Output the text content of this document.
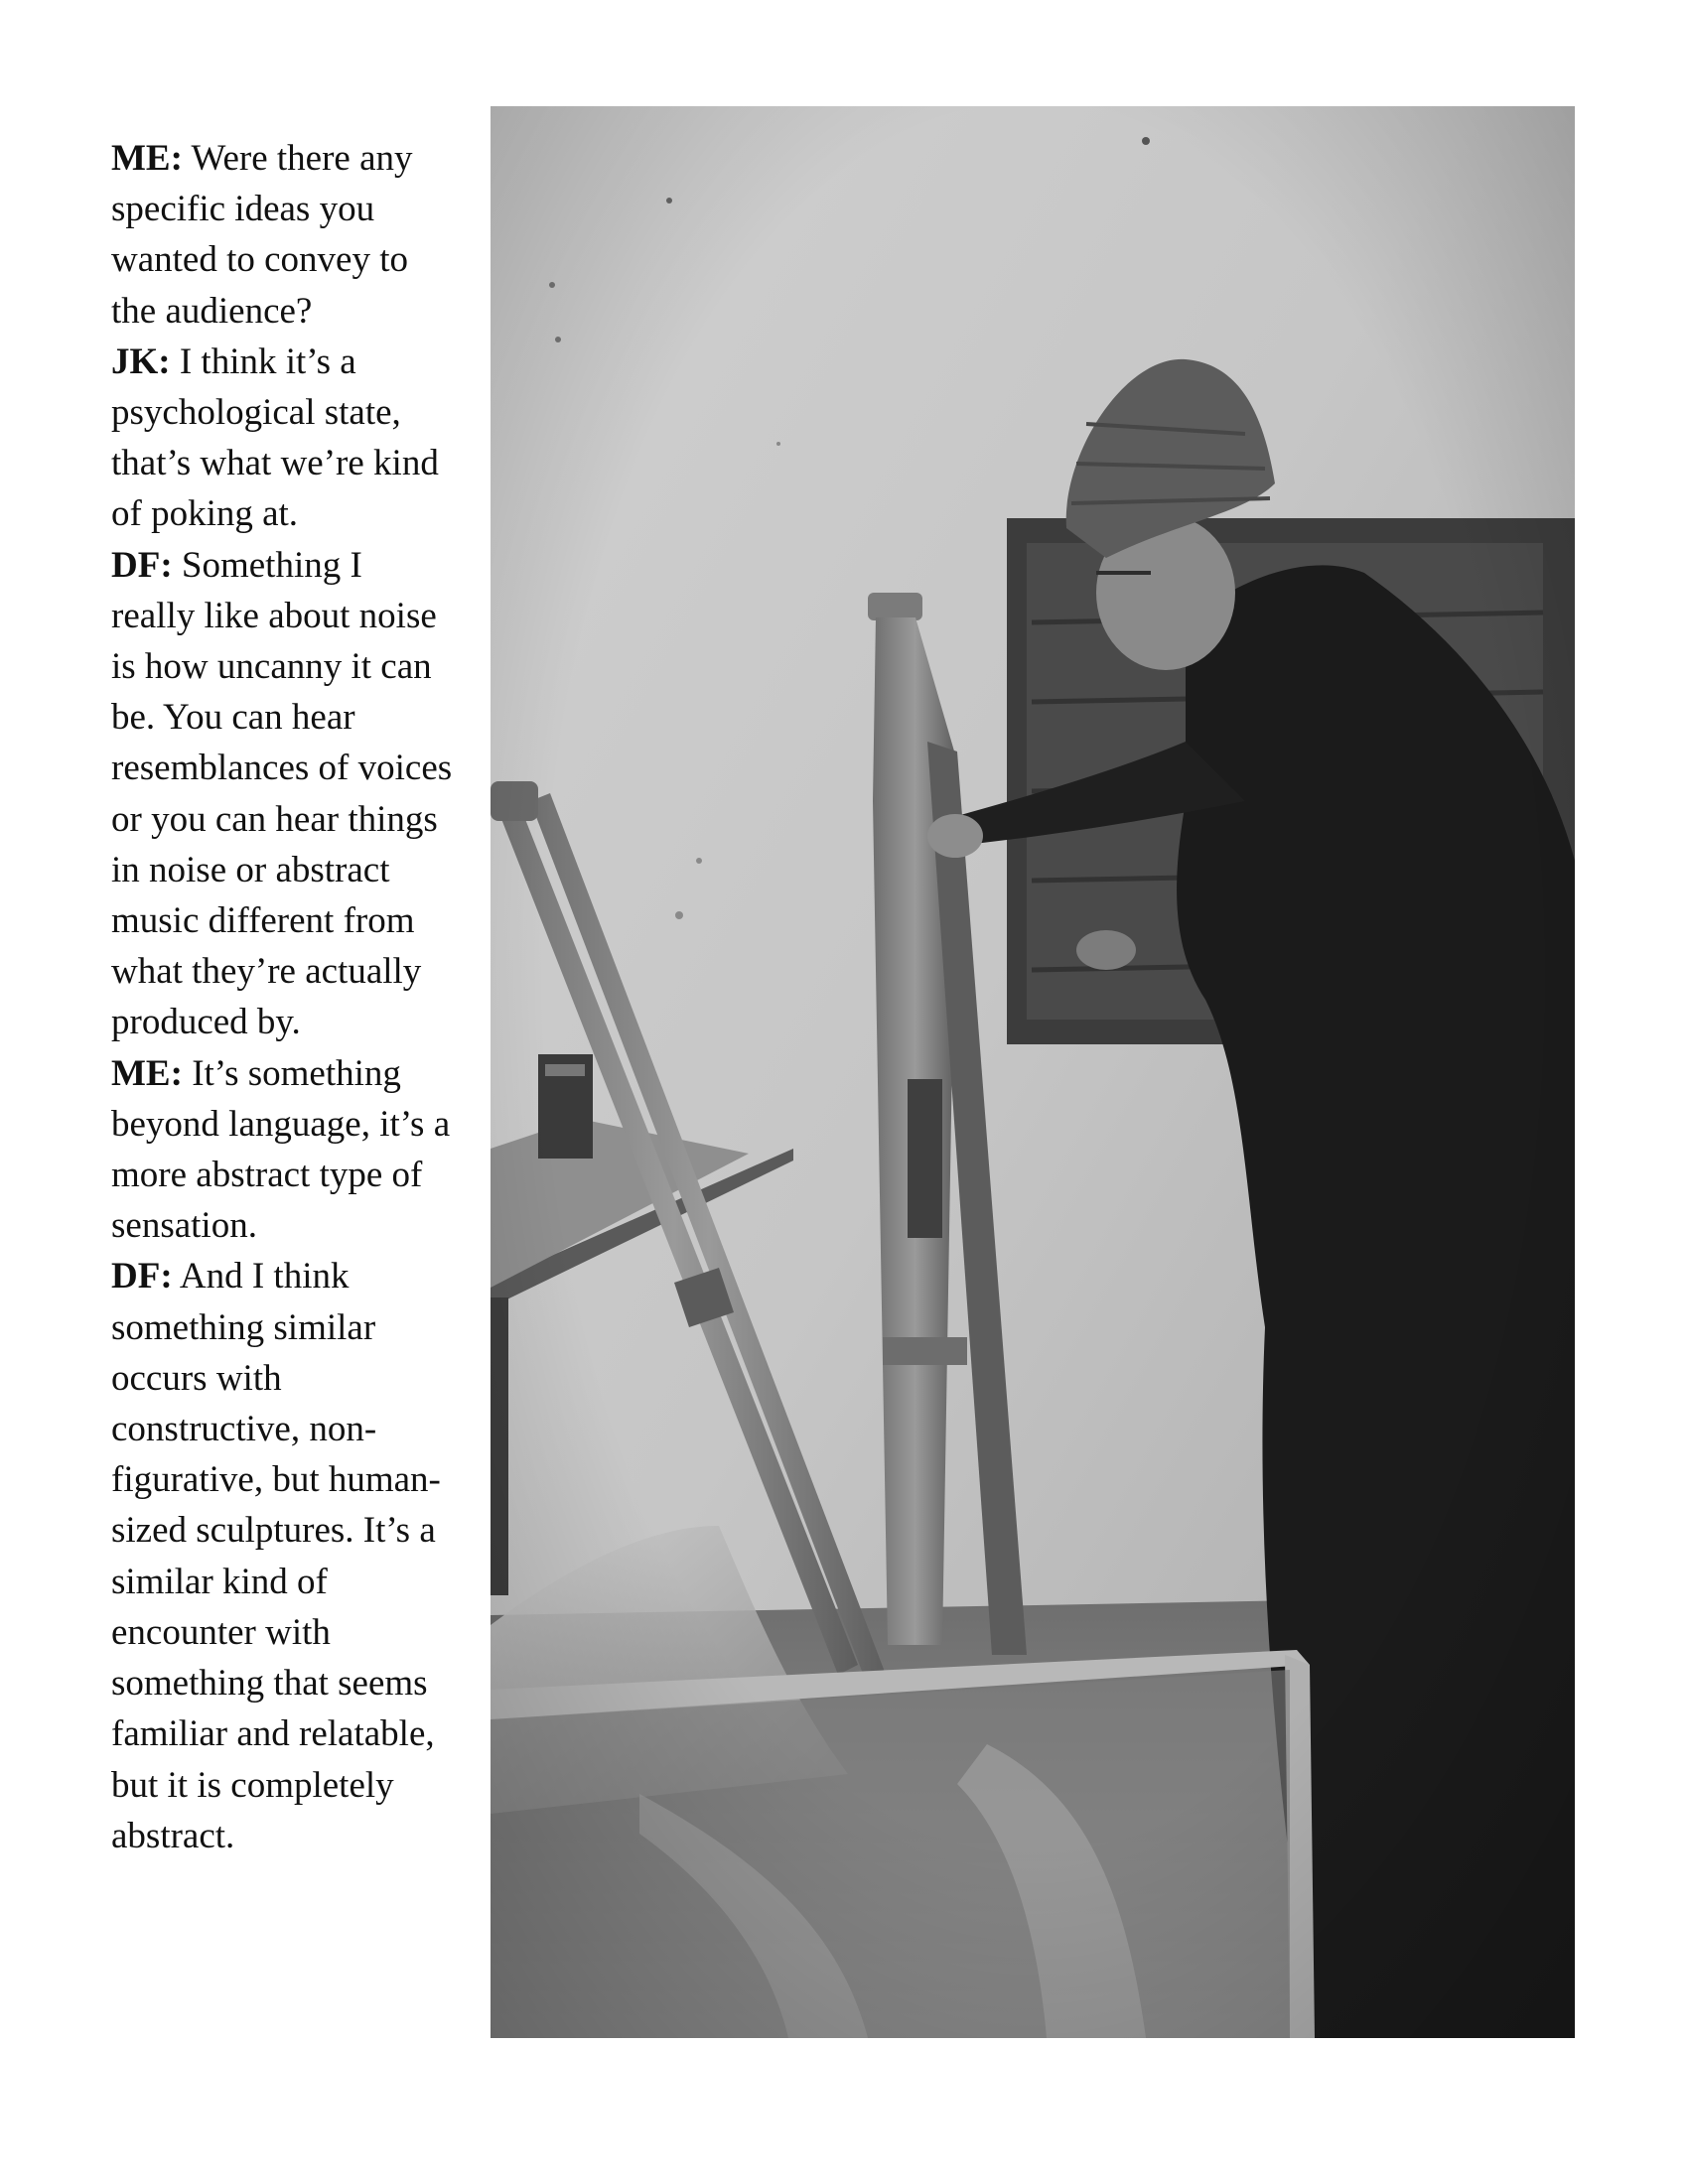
ME: Were there any specific ideas you wanted to convey to the audience?

JK: I think it’s a psychological state, that’s what we’re kind of poking at.

DF: Something I really like about noise is how uncanny it can be. You can hear resemblances of voices or you can hear things in noise or abstract music different from what they’re actually produced by.

ME: It’s something beyond language, it’s a more abstract type of sensation.

DF: And I think something similar occurs with constructive, non-figurative, but human-sized sculptures. It’s a similar kind of encounter with something that seems familiar and relatable, but it is completely abstract.
